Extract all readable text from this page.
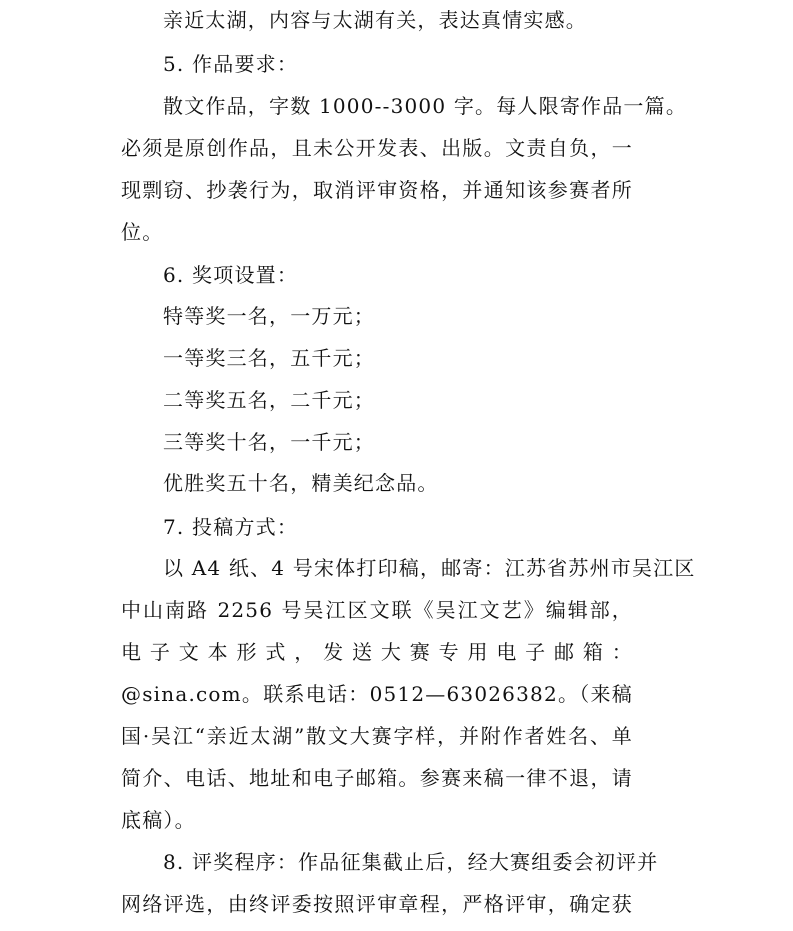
亲近太湖，内容与太湖有关，表达真情实感。
5. 作品要求：
散文作品，字数 1000--3000 字。每人限寄作品一篇。
必须是原创作品，且未公开发表、出版。文责自负，一
现剽窃、抄袭行为，取消评审资格，并通知该参赛者所
位。
6. 奖项设置：
特等奖一名，一万元；
一等奖三名，五千元；
二等奖五名，二千元；
三等奖十名，一千元；
优胜奖五十名，精美纪念品。
7. 投稿方式：
以 A4 纸、4 号宋体打印稿，邮寄：江苏省苏州市吴江区
中山南路 2256 号吴江区文联《吴江文艺》编辑部，
电 子 文 本 形 式 ， 发 送 大 赛 专 用 电 子 邮 箱 ：
@sina.com。联系电话：0512—63026382。（来稿
国·吴江“亲近太湖”散文大赛字样，并附作者姓名、单
简介、电话、地址和电子邮箱。参赛来稿一律不退，请
底稿）。
8. 评奖程序：作品征集截止后，经大赛组委会初评并
网络评选，由终评委按照评审章程，严格评审，确定获
